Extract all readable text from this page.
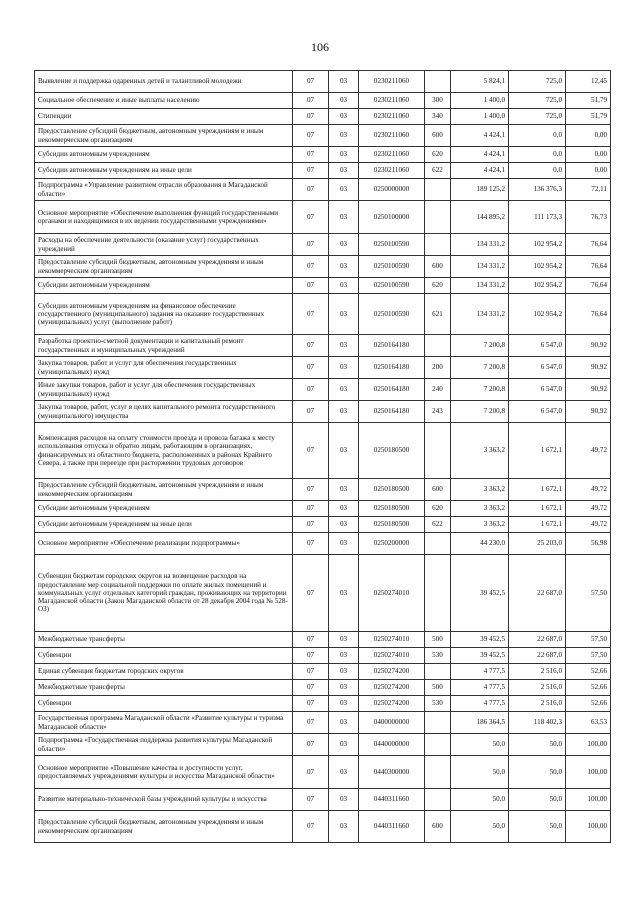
106
Выявление и поддержка одаренных детей и талантливой молодежи	07	03	0230211060		5 824,1	725,0	12,45
Социальное обеспечение и иные выплаты населению	07	03	0230211060	300	1 400,0	725,0	51,79
Стипендии	07	03	0230211060	340	1 400,0	725,0	51,79
Предоставление субсидий бюджетным, автономным учреждениям и иным некоммерческим организациям	07	03	0230211060	600	4 424,1	0,0	0,00
Субсидии автономным учреждениям	07	03	0230211060	620	4 424,1	0,0	0,00
Субсидии автономным учреждениям на иные цели	07	03	0230211060	622	4 424,1	0,0	0,00
Подпрограмма «Управление развитием отрасли образования в Магаданской области»	07	03	0250000000		189 125,2	136 376,3	72,11
Основное мероприятие «Обеспечение выполнения функций государственными органами и находящимися в их ведении государственными учреждениями»	07	03	0250100000		144 895,2	111 173,3	76,73
Расходы на обеспечение деятельности (оказание услуг) государственных учреждений	07	03	0250100590		134 331,2	102 954,2	76,64
Предоставление субсидий бюджетным, автономным учреждениям и иным некоммерческим организациям	07	03	0250100590	600	134 331,2	102 954,2	76,64
Субсидии автономным учреждениям	07	03	0250100590	620	134 331,2	102 954,2	76,64
Субсидии автономным учреждениям на финансовое обеспечение государственного (муниципального) задания на оказание государственных (муниципальных) услуг (выполнение работ)	07	03	0250100590	621	134 331,2	102 954,2	76,64
Разработка проектно-сметной документации и капитальный ремонт государственных и муниципальных учреждений	07	03	0250164180		7 200,8	6 547,0	90,92
Закупка товаров, работ и услуг для обеспечения государственных (муниципальных) нужд	07	03	0250164180	200	7 200,8	6 547,0	90,92
Иные закупки товаров, работ и услуг для обеспечения государственных (муниципальных) нужд	07	03	0250164180	240	7 200,8	6 547,0	90,92
Закупка товаров, работ, услуг в целях капитального ремонта государственного (муниципального) имущества	07	03	0250164180	243	7 200,8	6 547,0	90,92
Компенсация расходов на оплату стоимости проезда и провоза багажа к месту использования отпуска и обратно лицам, работающим в организациях, финансируемых из областного бюджета, расположенных в районах Крайнего Севера, а также при переезде при расторжении трудовых договоров	07	03	0250180500		3 363,2	1 672,1	49,72
Предоставление субсидий бюджетным, автономным учреждениям и иным некоммерческим организациям	07	03	0250180500	600	3 363,2	1 672,1	49,72
Субсидии автономным учреждениям	07	03	0250180500	620	3 363,2	1 672,1	49,72
Субсидии автономным учреждениям на иные цели	07	03	0250180500	622	3 363,2	1 672,1	49,72
Основное мероприятие «Обеспечение реализации подпрограммы»	07	03	0250200000		44 230,0	25 203,0	56,98
Субвенции бюджетам городских округов на возмещение расходов на предоставление мер социальной поддержки по оплате жилых помещений и коммунальных услуг отдельных категорий граждан, проживающих на территории Магаданской области (Закон Магаданской области от 28 декабря 2004 года № 528-ОЗ)	07	03	0250274010		39 452,5	22 687,0	57,50
Межбюджетные трансферты	07	03	0250274010	500	39 452,5	22 687,0	57,50
Субвенции	07	03	0250274010	530	39 452,5	22 687,0	57,50
Единая субвенция бюджетам городских округов	07	03	0250274200		4 777,5	2 516,0	52,66
Межбюджетные трансферты	07	03	0250274200	500	4 777,5	2 516,0	52,66
Субвенции	07	03	0250274200	530	4 777,5	2 516,0	52,66
Государственная программа Магаданской области «Развитие культуры и туризма Магаданской области»	07	03	0400000000		186 364,5	118 402,3	63,53
Подпрограмма «Государственная поддержка развития культуры Магаданской области»	07	03	0440000000		50,0	50,0	100,00
Основное мероприятие «Повышение качества и доступности услуг, предоставляемых учреждениями культуры и искусства Магаданской области»	07	03	0440300000		50,0	50,0	100,00
Развитие материально-технической базы учреждений культуры и искусства	07	03	0440311660		50,0	50,0	100,00
Предоставление субсидий бюджетным, автономным учреждениям и иным некоммерческим организациям	07	03	0440311660	600	50,0	50,0	100,00
